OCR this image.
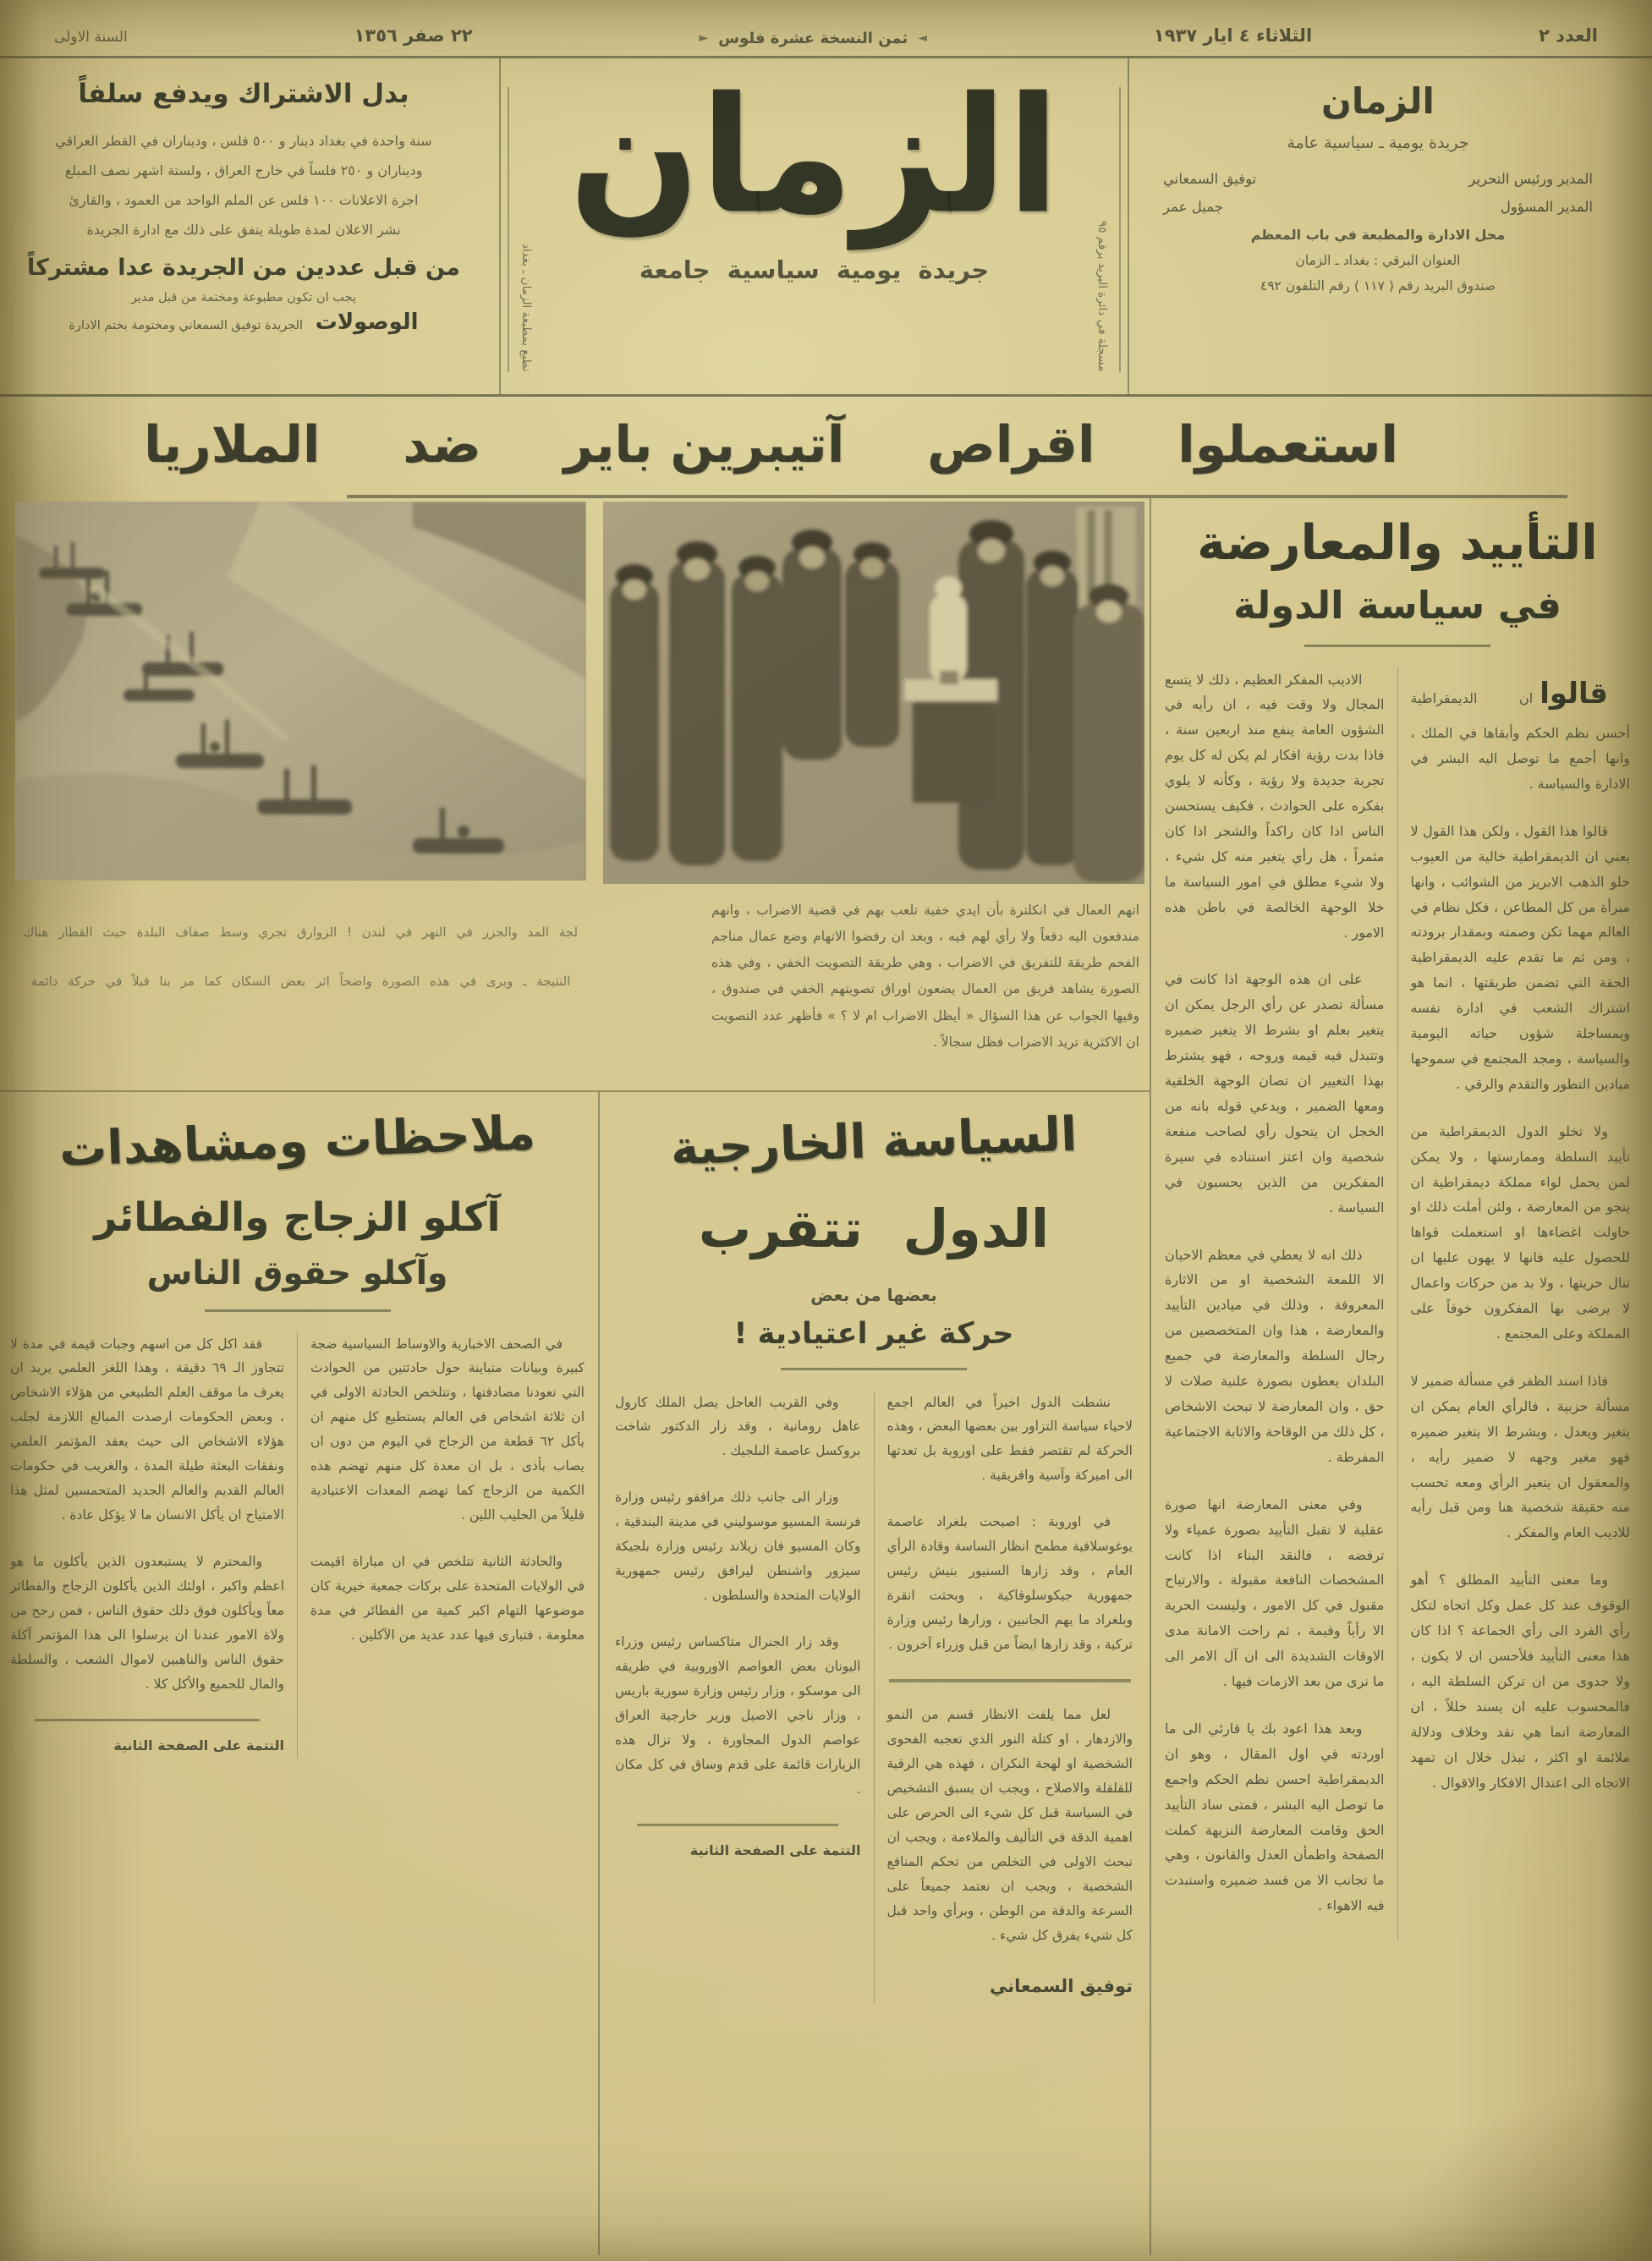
العدد ٢
الثلاثاء ٤ ايار ١٩٣٧
◄
ثمن النسخة عشرة فلوس
►
٢٢ صفر ١٣٥٦
السنة الاولى
الزمان
جريدة يومية ـ سياسية عامة
المدير ورئيس التحرير
توفيق السمعاني
المدير المسؤول
جميل عمر
محل الادارة والمطبعة في باب المعظم
العنوان البرقي : بغداد ـ الزمان
صندوق البريد رقم ( ١١٧ ) رقم التلفون ٤٩٢
مسجلة في دائرة البريد برقم ٩٥
الزمان
جريدة يومية سياسية جامعة
تطبع بمطبعة الزمان ـ بغداد
بدل الاشتراك ويدفع سلفاً
سنة واحدة في بغداد دينار و ٥٠٠ فلس ، وديناران في القطر العراقي
وديناران و ٢٥٠ فلساً في خارج العراق ، ولستة اشهر نصف المبلغ
اجرة الاعلانات ١٠٠ فلس عن الملم الواحد من العمود ، والقارئ
نشر الاعلان لمدة طويلة يتفق على ذلك مع ادارة الجريدة
من قبل عددين من الجريدة عدا مشتركاً
يجب ان تكون مطبوعة ومختمة من قبل مدير
الوصولات الجريدة توفيق السمعاني ومختومة بختم الادارة
استعملوا
اقراص
آتيبرين باير
ضد
الملاريا
التأييد والمعارضة
في سياسة الدولة

قالواان الديمقراطية أحسن نظم الحكم وأبقاها في الملك ، وانها أجمع ما توصل اليه البشر في الادارة والسياسة .

قالوا هذا القول ، ولكن هذا القول لا يعني ان الديمقراطية خالية من العيوب خلو الذهب الابريز من الشوائب ، وانها مبرأة من كل المطاعن ، فكل نظام في العالم مهما تكن وصمته وبمقدار برودته ، ومن ثم ما تقدم عليه الديمقراطية الحقة التي تضمن طريقتها ، انما هو اشتراك الشعب في ادارة نفسه وبمساجلة شؤون حياته اليومية والسياسة ، ومجد المجتمع في سموحها ميادين التطور والتقدم والرقي .

ولا تخلو الدول الديمقراطية من تأييد السلطة وممارستها ، ولا يمكن لمن يحمل لواء مملكة ديمقراطية ان ينجو من المعارضة ، ولئن أملت ذلك او حاولت اغضاءها او استعملت قواها للحصول عليه فانها لا يهون عليها ان تنال حريتها ، ولا بد من حركات واعمال لا يرضى بها المفكرون خوفاً على المملكة وعلى المجتمع .

فاذا اسند الظفر في مسألة ضمير لا مسألة حزبية ، فالرأي العام يمكن ان يتغير ويعدل ، وبشرط الا يتغير ضميره فهو مغير وجهه لا ضمير رأيه ، والمعقول ان يتغير الرأي ومعه تحسب منه حقيقة شخصية هنا ومن قبل رأيه للاديب العام والمفكر .

وما معنى التأييد المطلق ؟ أهو الوقوف عند كل عمل وكل اتجاه لتكل رأي الفرد الى رأي الجماعة ؟ اذا كان هذا معنى التأييد فلأحسن ان لا يكون ، ولا جدوى من ان تركن السلطة اليه ، فالمحسوب عليه ان يسند خللاً ، ان المعارضة انما هي نقد وخلاف ودلالة ملائمة او اكثر ، تبذل خلال ان تمهد الاتجاه الى اعتدال الافكار والاقوال .

الاديب المفكر العظيم ، ذلك لا يتسع المجال ولا وقت فيه ، ان رأيه في الشؤون العامة ينفع منذ اربعين سنة ، فاذا بدت رؤية افكار لم يكن له كل يوم تجربة جديدة ولا رؤية ، وكأنه لا يلوي بفكره على الحوادث ، فكيف يستحسن الناس اذا كان راكداً والشجر اذا كان مثمراً ، هل رأي يتغير منه كل شيء ، ولا شيء مطلق في امور السياسة ما خلا الوجهة الخالصة في باطن هذه الامور .

على ان هذه الوجهة اذا كانت في مسألة تصدر عن رأي الرجل يمكن ان يتغير بعلم او بشرط الا يتغير ضميره وتتبدل فيه قيمه وروحه ، فهو يشترط بهذا التغيير ان تصان الوجهة الخلقية ومعها الضمير ، ويدعي قوله بانه من الخجل ان يتحول رأي لصاحب منفعة شخصية وان اعتز استناده في سيرة المفكرين من الذين يحسبون في السياسة .

ذلك انه لا يعطي في معظم الاحيان الا اللمعة الشخصية او من الاثارة المعروفة ، وذلك في ميادين التأييد والمعارضة ، هذا وان المتخصصين من رجال السلطة والمعارضة في جميع البلدان يعطون بصورة علنية صلات لا حق ، وان المعارضة لا تبحث الاشخاص ، كل ذلك من الوقاحة والاثابة الاجتماعية المفرطة .

وفي معنى المعارضة انها صورة عقلية لا تقبل التأييد بصورة عمياء ولا ترفضه ، فالنقد البناء اذا كانت المشخصات النافعة مقبولة ، والارتياح مقبول في كل الامور ، وليست الحرية الا رأياً وقيمة ، ثم راحت الامانة مدى الاوقات الشديدة الى ان آل الامر الى ما نرى من بعد الازمات فيها .

وبعد هذا اعود بك يا قارئي الى ما اوردته في اول المقال ، وهو ان الديمقراطية احسن نظم الحكم واجمع ما توصل اليه البشر ، فمتى ساد التأييد الحق وقامت المعارضة النزيهة كملت الصفحة واطمأن العدل والقانون ، وهي ما تجانب الا من فسد ضميره واستبدت فيه الاهواء .

اتهم العمال في انكلترة بأن ايدي خفية تلعب بهم في قضية الاضراب ، وانهم مندفعون اليه دفعاً ولا رأي لهم فيه ، وبعد ان رفضوا الاتهام وضع عمال مناجم الفحم طريقة للتفريق في الاضراب ، وهي طريقة التصويت الخفي ، وفي هذه الصورة يشاهد فريق من العمال يضعون اوراق تصويتهم الخفي في صندوق ، وفيها الجواب عن هذا السؤال « أيظل الاضراب ام لا ؟ » فأظهر عدد التصويت ان الاكثرية تريد الاضراب فظل سجالاً .

لجة المد والجزر في النهر في لندن ! الزوارق تجري وسط صفاف البلدة حيث القطار هناك
النتيجة ـ ويرى في هذه الصورة واضحاً اثر بعض السكان كما مر بنا قبلاً في حركة دائمة
السياسة الخارجية
الدول تتقرب
بعضها من بعض
حركة غير اعتيادية !

نشطت الدول اخيراً في العالم اجمع لاحياء سياسة التزاور بين بعضها البعض ، وهذه الحركة لم تقتصر فقط على اوروبة بل تعدتها الى اميركة وآسية وافريقية .

في اوروبة : اصبحت بلغراد عاصمة يوغوسلافية مطمح انظار الساسة وقادة الرأي العام ، وقد زارها السنيور بنيش رئيس جمهورية جيكوسلوفاكية ، وبحثت انقرة وبلغراد ما يهم الجانبين ، وزارها رئيس وزارة تركية ، وقد زارها ايضاً من قبل وزراء آخرون .

لعل مما يلفت الانظار قسم من النمو والازدهار ، او كتلة النور الذي تعجبه الفحوى الشخصية او لهجة النكران ، فهذه هي الرقية للقلقلة والاصلاح ، ويجب ان يسبق التشخيص في السياسة قبل كل شيء الى الحرص على اهمية الدقة في التأليف والملاءمة ، ويجب ان نبحث الاولى في التخلص من تحكم المنافع الشخصية ، ويجب ان نعتمد جميعاً على السرعة والدقة من الوطن ، وبرأي واحد قبل كل شيء يفرق كل شيء .

توفيق السمعاني

وفي القريب العاجل يصل الملك كارول عاهل رومانية ، وقد زار الدكتور شاخت بروكسل عاصمة البلجيك .

وزار الى جانب ذلك مرافقو رئيس وزارة فرنسة المسيو موسوليني في مدينة البندقية ، وكان المسيو فان زيلاند رئيس وزارة بلجيكة سيزور واشنطن ليرافق رئيس جمهورية الولايات المتحدة والسلطون .

وقد زار الجنرال متاكساس رئيس وزراء اليونان بعض العواصم الاوروبية في طريقه الى موسكو ، وزار رئيس وزارة سورية باريس ، وزار ناجي الاصيل وزير خارجية العراق عواصم الدول المجاورة ، ولا تزال هذه الزيارات قائمة على قدم وساق في كل مكان .

التتمة على الصفحة الثانية
ملاحظات ومشاهدات
آكلو الزجاج والفطائر
وآكلو حقوق الناس

في الصحف الاخبارية والاوساط السياسية ضجة كبيرة وبيانات متباينة حول حادثتين من الحوادث التي تعودنا مصادفتها ، وتتلخص الحادثة الاولى في ان ثلاثة اشخاص في العالم يستطيع كل منهم ان يأكل ٦٢ قطعة من الزجاج في اليوم من دون ان يصاب بأذى ، بل ان معدة كل منهم تهضم هذه الكمية من الزجاج كما تهضم المعدات الاعتيادية قليلاً من الحليب اللين .

والحادثة الثانية تتلخص في ان مباراة اقيمت في الولايات المتحدة على بركات جمعية خيرية كان موضوعها التهام اكبر كمية من الفطائر في مدة معلومة ، فتبارى فيها عدد عديد من الآكلين .

فقد اكل كل من اسهم وجبات قيمة في مدة لا تتجاوز الـ ٦٩ دقيقة ، وهذا اللغز العلمي يريد ان يعرف ما موقف العلم الطبيعي من هؤلاء الاشخاص ، وبعض الحكومات ارصدت المبالغ اللازمة لجلب هؤلاء الاشخاص الى حيث يعقد المؤتمر العلمي ونفقات البعثة طيلة المدة ، والغريب في حكومات العالم القديم والعالم الجديد المتحمسين لمثل هذا الامتياح ان يأكل الانسان ما لا يؤكل عادة .

والمحترم لا يستبعدون الذين يأكلون ما هو اعظم واكبر ، اولئك الذين يأكلون الزجاج والفطائر معاً ويأكلون فوق ذلك حقوق الناس ، فمن رجح من ولاة الامور عندنا ان يرسلوا الى هذا المؤتمر آكلة حقوق الناس والناهبين لاموال الشعب ، والسلطة والمال للجميع والأكل كلا .

التتمة على الصفحة الثانية
